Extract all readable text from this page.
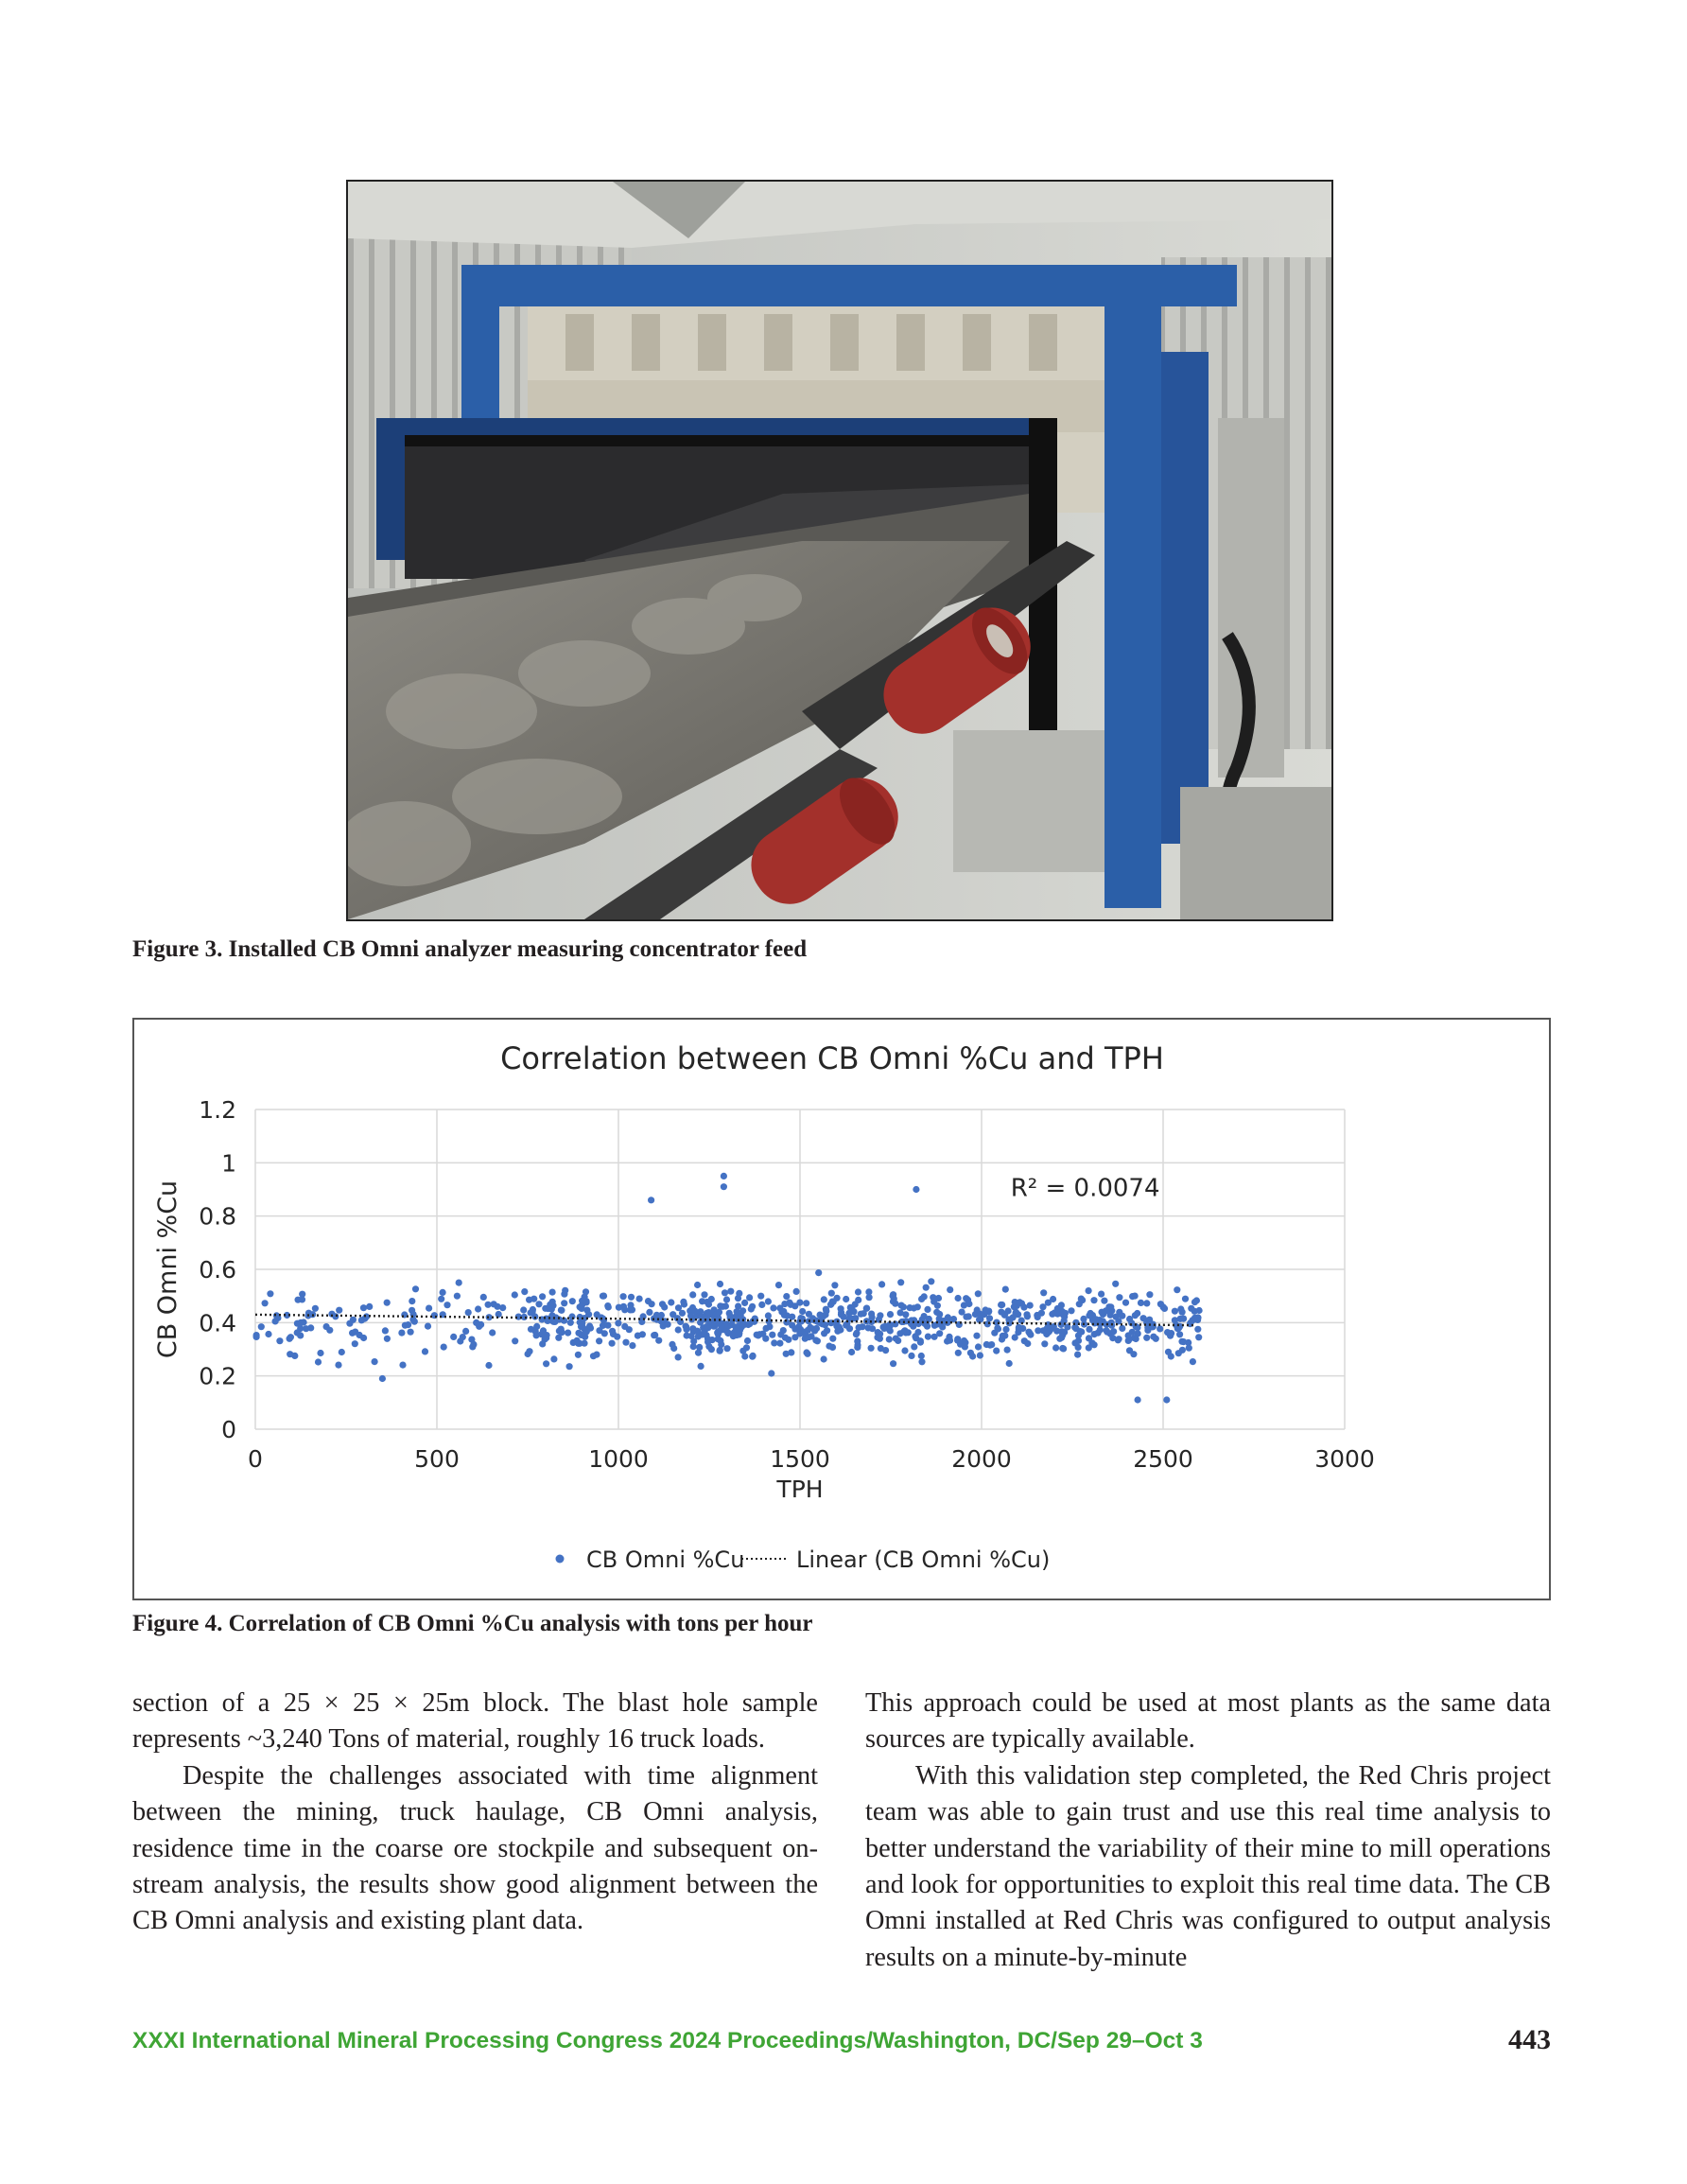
Figure 3. Installed CB Omni analyzer measuring concentrator feed
Correlation between CB Omni %Cu and TPH
0
0.2
0.4
0.6
0.8
1
1.2
0	500	1000	1500	2000	2500	3000
CB Omni %Cu
TPH
R² = 0.0074
CB Omni %Cu Linear (CB Omni %Cu)
Figure 4. Correlation of CB Omni %Cu analysis with tons per hour

section of a 25 × 25 × 25m block. The blast hole sample represents ~3,240 Tons of material, roughly 16 truck loads.

Despite the challenges associated with time alignment between the mining, truck haulage, CB Omni analysis, residence time in the coarse ore stockpile and subsequent on-stream analysis, the results show good alignment between the CB Omni analysis and existing plant data.

This approach could be used at most plants as the same data sources are typically available.

With this validation step completed, the Red Chris project team was able to gain trust and use this real time analysis to better understand the variability of their mine to mill operations and look for opportunities to exploit this real time data. The CB Omni installed at Red Chris was configured to output analysis results on a minute-by-minute

XXXI International Mineral Processing Congress 2024 Proceedings/Washington, DC/Sep 29–Oct 3	443
